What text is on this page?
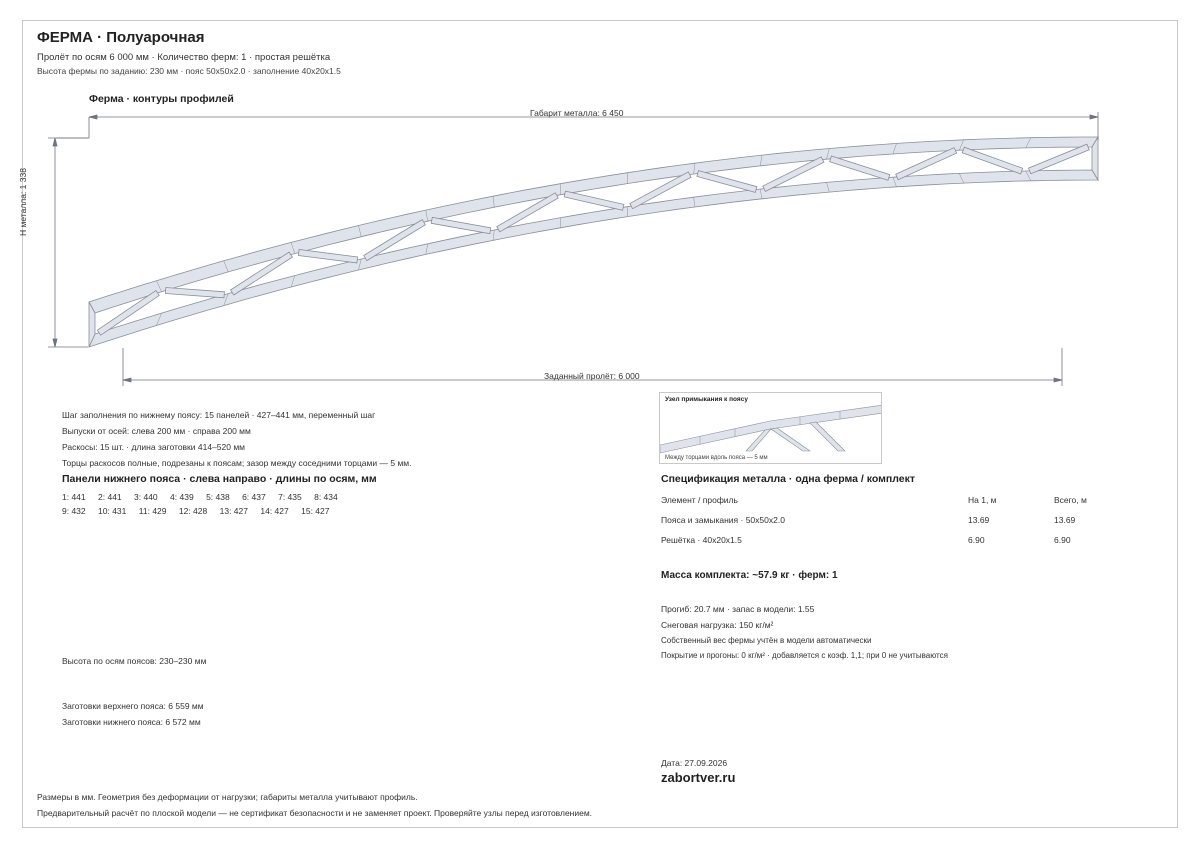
ФЕРМА · Полуарочная
Пролёт по осям 6 000 мм · Количество ферм: 1 · простая решётка
Высота фермы по заданию: 230 мм · пояс 50x50x2.0 · заполнение 40x20x1.5
Ферма · контуры профилей
Габарит металла: 6 450
H металла: 1 338
Заданный пролёт: 6 000
Шаг заполнения по нижнему поясу: 15 панелей · 427–441 мм, переменный шаг
Выпуски от осей: слева 200 мм · справа 200 мм
Раскосы: 15 шт. · длина заготовки 414–520 мм
Торцы раскосов полные, подрезаны к поясам; зазор между соседними торцами — 5 мм.
Панели нижнего пояса · слева направо · длины по осям, мм
1: 441 2: 441 3: 440 4: 439 5: 438 6: 437 7: 435 8: 434
9: 432 10: 431 11: 429 12: 428 13: 427 14: 427 15: 427
Высота по осям поясов: 230–230 мм
Заготовки верхнего пояса: 6 559 мм
Заготовки нижнего пояса: 6 572 мм
Узел примыкания к поясу
Между торцами вдоль пояса — 5 мм
Спецификация металла · одна ферма / комплект
Элемент / профиль	На 1, м	Всего, м
Пояса и замыкания · 50x50x2.0	13.69	13.69
Решётка · 40x20x1.5	6.90	6.90
Масса комплекта: ~57.9 кг · ферм: 1
Прогиб: 20.7 мм · запас в модели: 1.55
Снеговая нагрузка: 150 кг/м²
Собственный вес фермы учтён в модели автоматически
Покрытие и прогоны: 0 кг/м² · добавляется с коэф. 1,1; при 0 не учитываются
Дата: 27.09.2026
zabortver.ru
Размеры в мм. Геометрия без деформации от нагрузки; габариты металла учитывают профиль.
Предварительный расчёт по плоской модели — не сертификат безопасности и не заменяет проект. Проверяйте узлы перед изготовлением.
